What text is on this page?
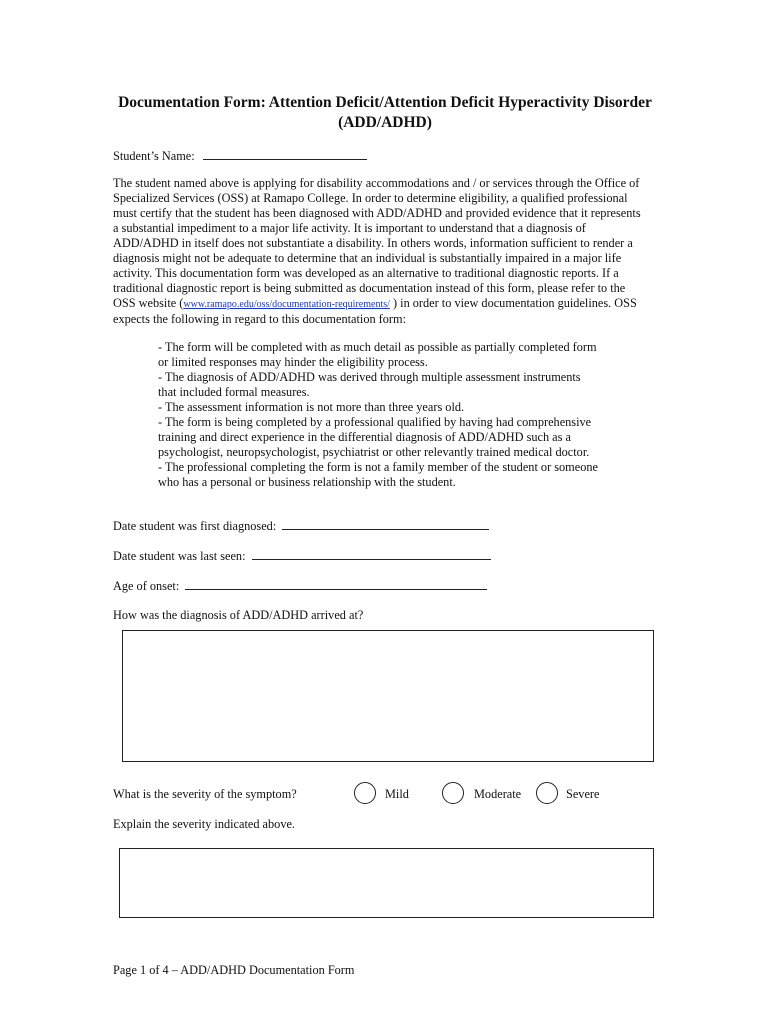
Documentation Form: Attention Deficit/Attention Deficit Hyperactivity Disorder
(ADD/ADHD)
Student’s Name:
The student named above is applying for disability accommodations and / or services through the Office of
Specialized Services (OSS) at Ramapo College. In order to determine eligibility, a qualified professional
must certify that the student has been diagnosed with ADD/ADHD and provided evidence that it represents
a substantial impediment to a major life activity. It is important to understand that a diagnosis of
ADD/ADHD in itself does not substantiate a disability. In others words, information sufficient to render a
diagnosis might not be adequate to determine that an individual is substantially impaired in a major life
activity. This documentation form was developed as an alternative to traditional diagnostic reports. If a
traditional diagnostic report is being submitted as documentation instead of this form, please refer to the
OSS website (www.ramapo.edu/oss/documentation-requirements/ ) in order to view documentation guidelines. OSS
expects the following in regard to this documentation form:
- The form will be completed with as much detail as possible as partially completed form
or limited responses may hinder the eligibility process.
- The diagnosis of ADD/ADHD was derived through multiple assessment instruments
that included formal measures.
- The assessment information is not more than three years old.
- The form is being completed by a professional qualified by having had comprehensive
training and direct experience in the differential diagnosis of ADD/ADHD such as a
psychologist, neuropsychologist, psychiatrist or other relevantly trained medical doctor.
- The professional completing the form is not a family member of the student or someone
who has a personal or business relationship with the student.
Date student was first diagnosed:
Date student was last seen:
Age of onset:
How was the diagnosis of ADD/ADHD arrived at?
What is the severity of the symptom?	Mild	Moderate	Severe
Explain the severity indicated above.
Page 1 of 4 – ADD/ADHD Documentation Form
